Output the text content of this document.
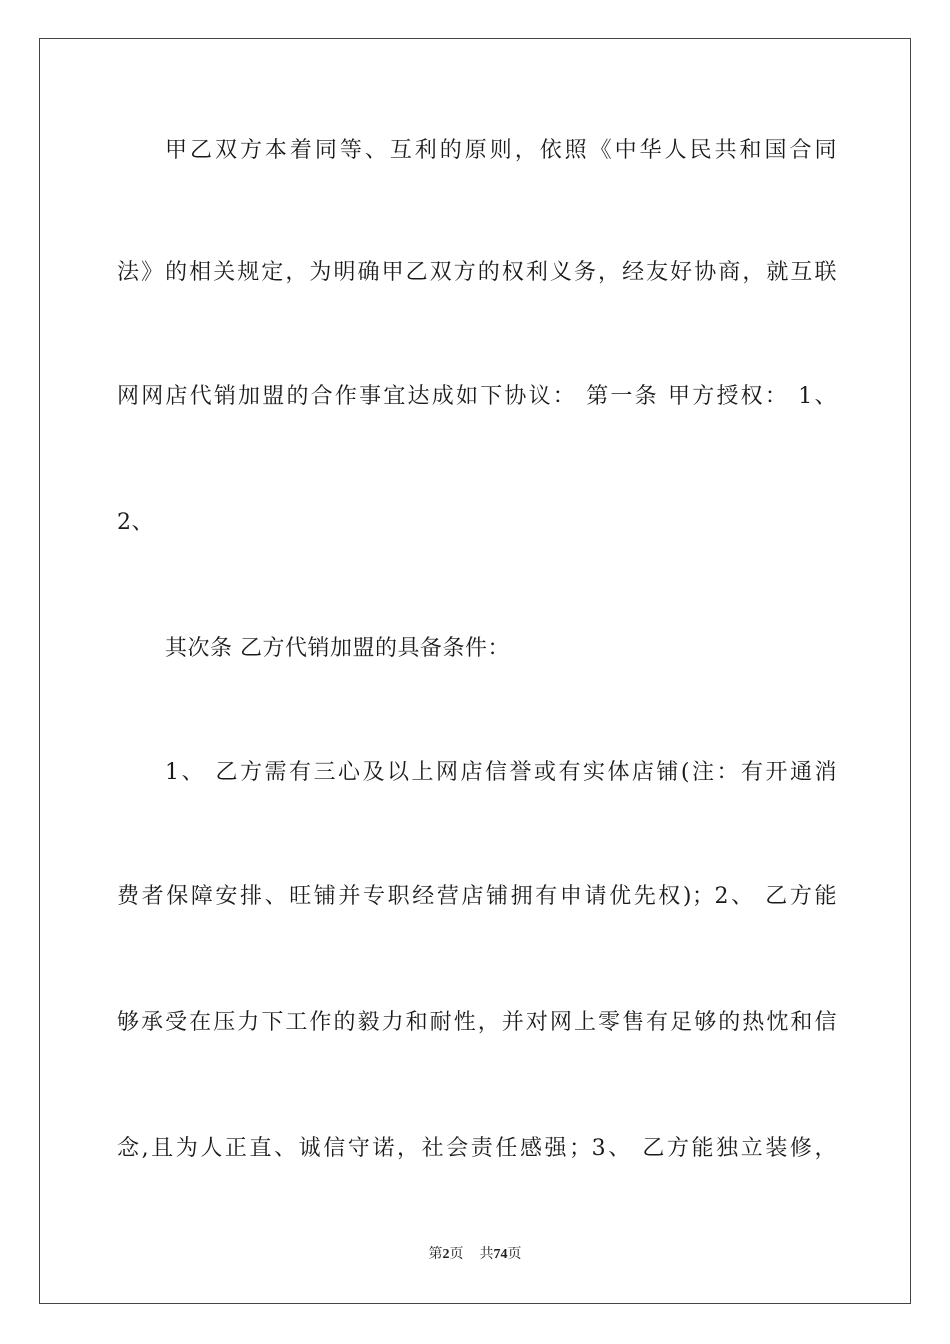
甲乙双方本着同等、互利的原则，依照《中华人民共和国合同
法》的相关规定，为明确甲乙双方的权利义务，经友好协商，就互联
网网店代销加盟的合作事宜达成如下协议： 第一条 甲方授权： 1、
2、
其次条 乙方代销加盟的具备条件：
1、 乙方需有三心及以上网店信誉或有实体店铺(注：有开通消
费者保障安排、旺铺并专职经营店铺拥有申请优先权)；2、 乙方能
够承受在压力下工作的毅力和耐性，并对网上零售有足够的热忱和信
念,且为人正直、诚信守诺，社会责任感强；3、 乙方能独立装修，
第2页 共74页
